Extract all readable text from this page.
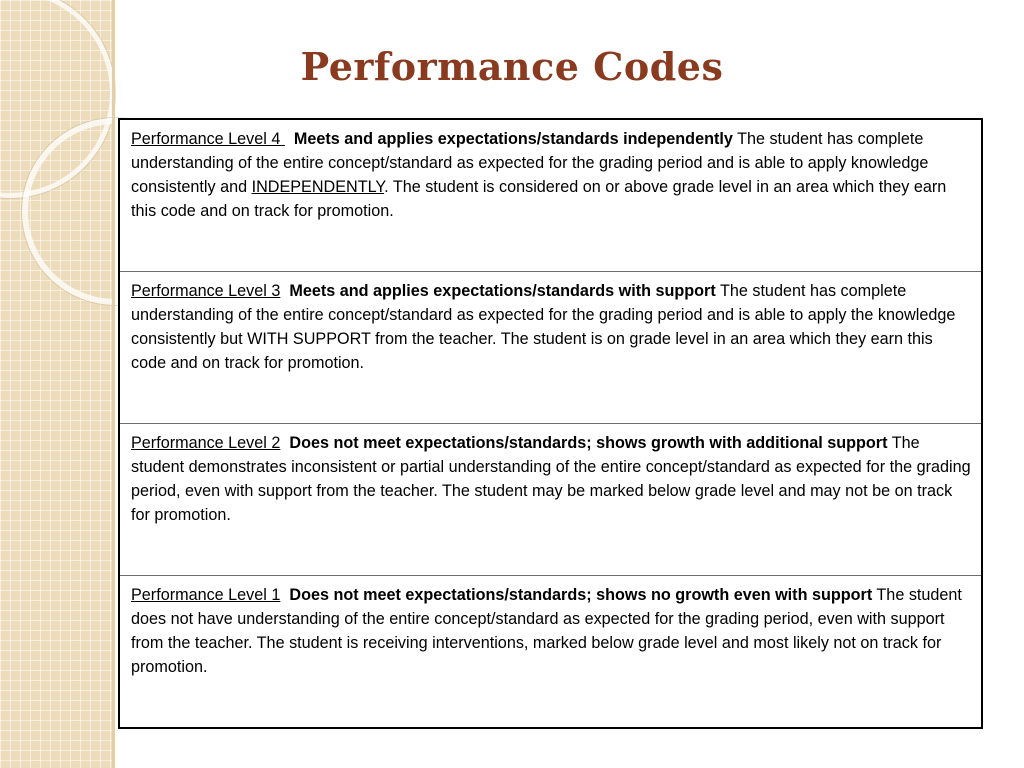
Performance Codes
Performance Level 4   Meets and applies expectations/standards independently The student has complete understanding of the entire concept/standard as expected for the grading period and is able to apply knowledge consistently and INDEPENDENTLY. The student is considered on or above grade level in an area which they earn this code and on track for promotion.
Performance Level 3 Meets and applies expectations/standards with support The student has complete understanding of the entire concept/standard as expected for the grading period and is able to apply the knowledge consistently but WITH SUPPORT from the teacher. The student is on grade level in an area which they earn this code and on track for promotion.
Performance Level 2 Does not meet expectations/standards; shows growth with additional support The student demonstrates inconsistent or partial understanding of the entire concept/standard as expected for the grading period, even with support from the teacher. The student may be marked below grade level and may not be on track for promotion.
Performance Level 1 Does not meet expectations/standards; shows no growth even with support The student does not have understanding of the entire concept/standard as expected for the grading period, even with support from the teacher. The student is receiving interventions, marked below grade level and most likely not on track for promotion.
